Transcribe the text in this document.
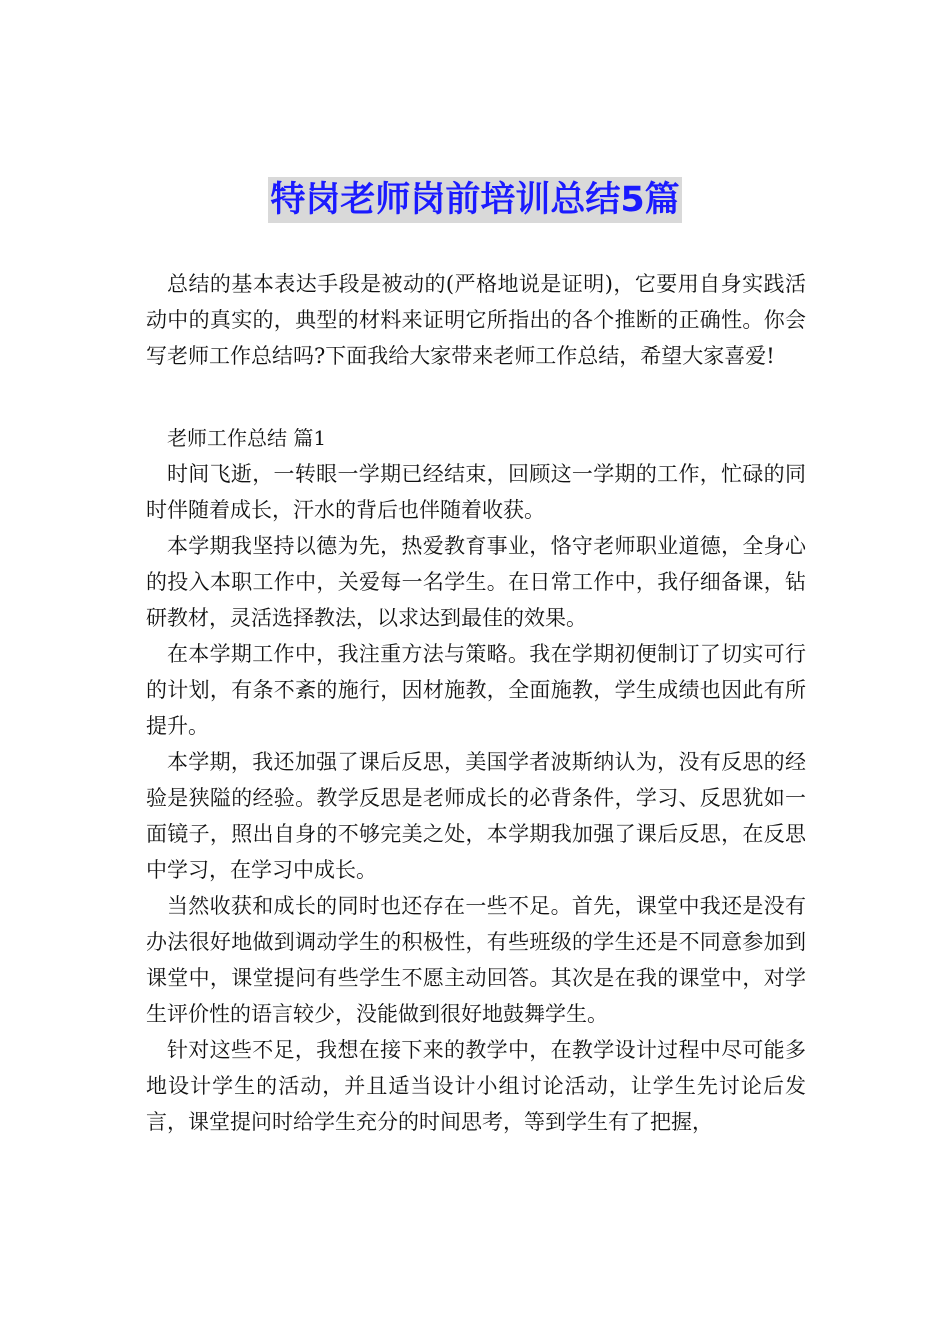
特岗老师岗前培训总结5篇

总结的基本表达手段是被动的(严格地说是证明)，它要用自身实践活动中的真实的，典型的材料来证明它所指出的各个推断的正确性。你会写老师工作总结吗?下面我给大家带来老师工作总结，希望大家喜爱!

老师工作总结 篇1

时间飞逝，一转眼一学期已经结束，回顾这一学期的工作，忙碌的同时伴随着成长，汗水的背后也伴随着收获。

本学期我坚持以德为先，热爱教育事业，恪守老师职业道德，全身心的投入本职工作中，关爱每一名学生。在日常工作中，我仔细备课，钻研教材，灵活选择教法，以求达到最佳的效果。

在本学期工作中，我注重方法与策略。我在学期初便制订了切实可行的计划，有条不紊的施行，因材施教，全面施教，学生成绩也因此有所提升。

本学期，我还加强了课后反思，美国学者波斯纳认为，没有反思的经验是狭隘的经验。教学反思是老师成长的必背条件，学习、反思犹如一面镜子，照出自身的不够完美之处，本学期我加强了课后反思，在反思中学习，在学习中成长。

当然收获和成长的同时也还存在一些不足。首先，课堂中我还是没有办法很好地做到调动学生的积极性，有些班级的学生还是不同意参加到课堂中，课堂提问有些学生不愿主动回答。其次是在我的课堂中，对学生评价性的语言较少，没能做到很好地鼓舞学生。

针对这些不足，我想在接下来的教学中，在教学设计过程中尽可能多地设计学生的活动，并且适当设计小组讨论活动，让学生先讨论后发言，课堂提问时给学生充分的时间思考，等到学生有了把握，
